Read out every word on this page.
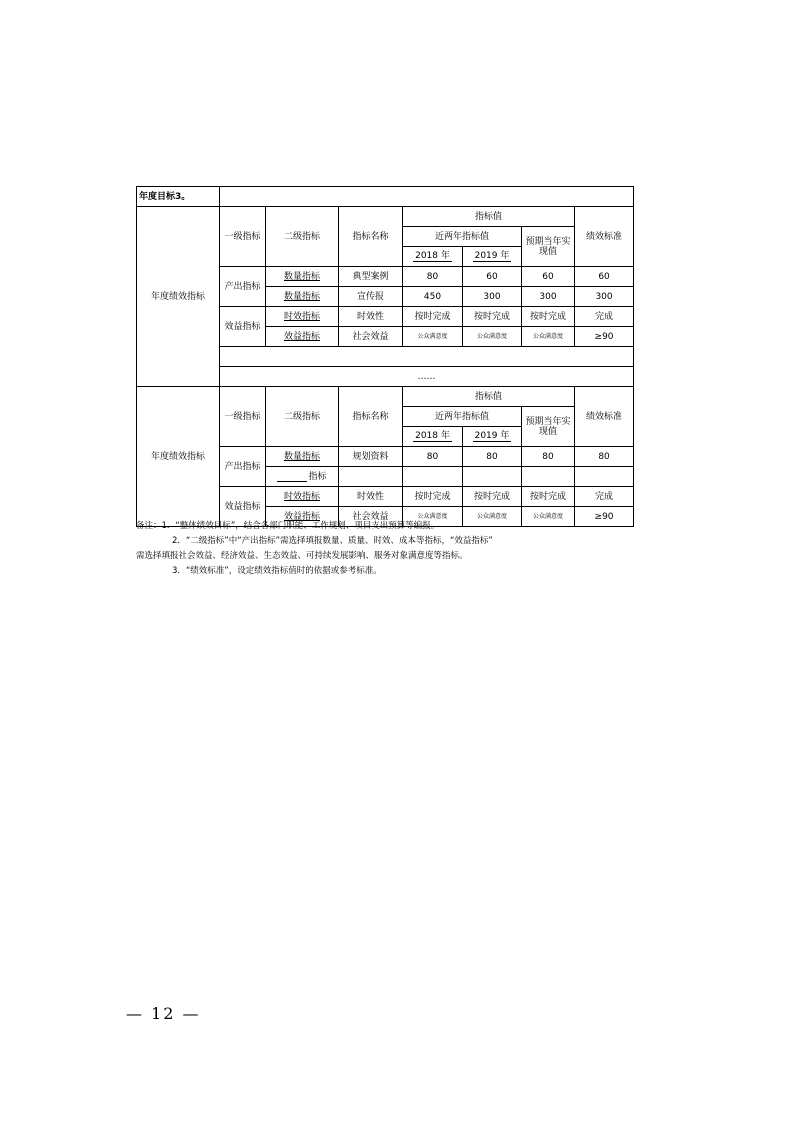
年度目标3。							
年度绩效指标	一级指标	二级指标	指标名称	指标值			绩效标准
				近两年指标值		预期当年实现值	
				2018 年	2019 年		
	产出指标	数量指标	典型案例	80	60	60	60
		数量指标	宣传报	450	300	300	300
	效益指标	时效指标	时效性	按时完成	按时完成	按时完成	完成
		效益指标	社会效益	公众满意度	公众满意度	公众满意度	≥90

	……						
年度绩效指标	一级指标	二级指标	指标名称	指标值			绩效标准
				近两年指标值		预期当年实现值	
				2018 年	2019 年		
	产出指标	数量指标	规划资料	80	80	80	80
		指标					
	效益指标	时效指标	时效性	按时完成	按时完成	按时完成	完成
		效益指标	社会效益	公众满意度	公众满意度	公众满意度	≥90
备注：1．“整体绩效目标”，结合各部门职能、工作规划、项目支出预算等编报。
2．“二级指标”中“产出指标”需选择填报数量、质量、时效、成本等指标，“效益指标”
需选择填报社会效益、经济效益、生态效益、可持续发展影响、服务对象满意度等指标。
3．“绩效标准”，设定绩效指标值时的依据或参考标准。
— 12 —
